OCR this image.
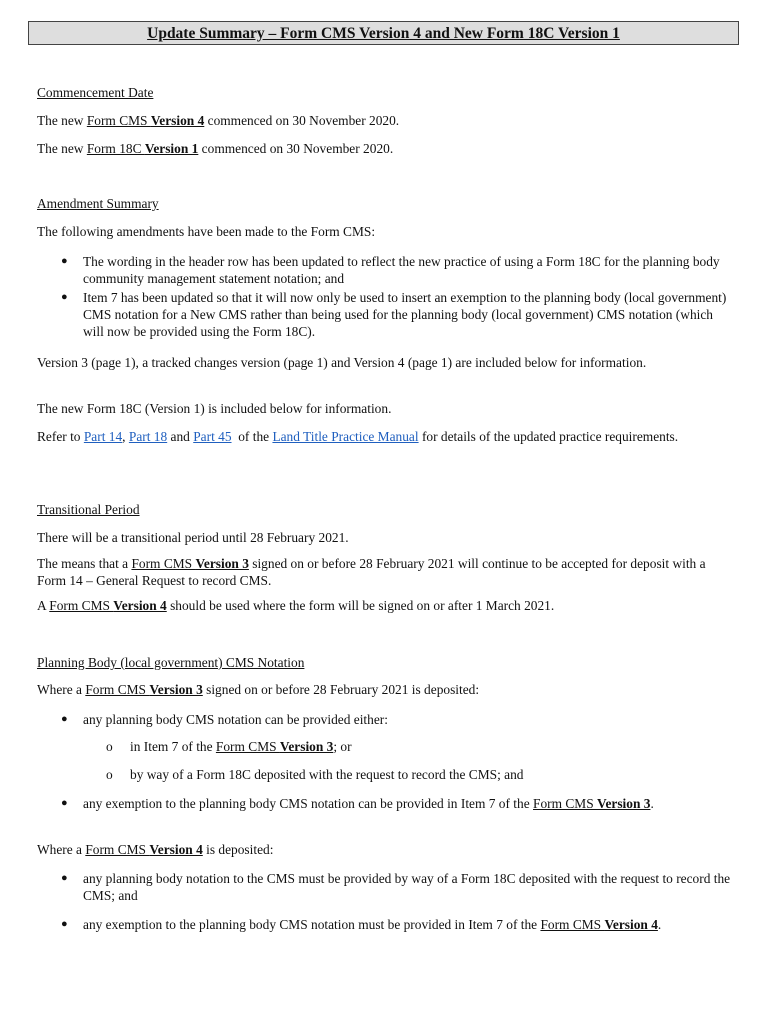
Update Summary – Form CMS Version 4 and New Form 18C Version 1

Commencement Date

The new Form CMS Version 4 commenced on 30 November 2020.

The new Form 18C Version 1 commenced on 30 November 2020.

Amendment Summary

The following amendments have been made to the Form CMS:

● The wording in the header row has been updated to reflect the new practice of using a Form 18C for the planning body community management statement notation; and

● Item 7 has been updated so that it will now only be used to insert an exemption to the planning body (local government) CMS notation for a New CMS rather than being used for the planning body (local government) CMS notation (which will now be provided using the Form 18C).

Version 3 (page 1), a tracked changes version (page 1) and Version 4 (page 1) are included below for information.

The new Form 18C (Version 1) is included below for information.

Refer to Part 14, Part 18 and Part 45  of the Land Title Practice Manual for details of the updated practice requirements.

Transitional Period

There will be a transitional period until 28 February 2021.

The means that a Form CMS Version 3 signed on or before 28 February 2021 will continue to be accepted for deposit with a Form 14 – General Request to record CMS.

A Form CMS Version 4 should be used where the form will be signed on or after 1 March 2021.

Planning Body (local government) CMS Notation

Where a Form CMS Version 3 signed on or before 28 February 2021 is deposited:

● any planning body CMS notation can be provided either:

o in Item 7 of the Form CMS Version 3; or

o by way of a Form 18C deposited with the request to record the CMS; and

● any exemption to the planning body CMS notation can be provided in Item 7 of the Form CMS Version 3.

Where a Form CMS Version 4 is deposited:

● any planning body notation to the CMS must be provided by way of a Form 18C deposited with the request to record the CMS; and

● any exemption to the planning body CMS notation must be provided in Item 7 of the Form CMS Version 4.
